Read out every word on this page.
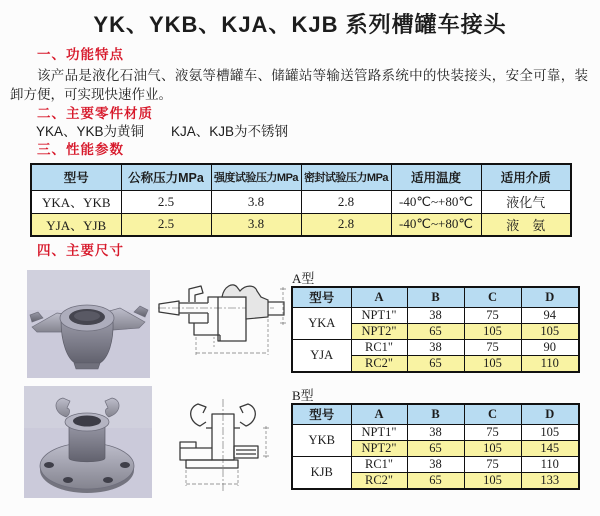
YK、YKB、KJA、KJB 系列槽罐车接头
一、功能特点
该产品是液化石油气、液氨等槽罐车、储罐站等输送管路系统中的快装接头，安全可靠，装卸方便，可实现快速作业。
二、主要零件材质
YKA、YKB为黄铜　　KJA、KJB为不锈钢
三、性能参数
型号	公称压力MPa	强度试验压力MPa	密封试验压力MPa	适用温度	适用介质
YKA、YKB	2.5	3.8	2.8	-40℃~+80℃	液化气
YJA、YJB	2.5	3.8	2.8	-40℃~+80℃	液　氨
四、主要尺寸
A型
型号	A	B	C	D
YKA	NPT1"	38	75	94
	NPT2"	65	105	105
YJA	RC1"	38	75	90
	RC2"	65	105	110
B型
型号	A	B	C	D
YKB	NPT1"	38	75	105
	NPT2"	65	105	145
KJB	RC1"	38	75	110
	RC2"	65	105	133
